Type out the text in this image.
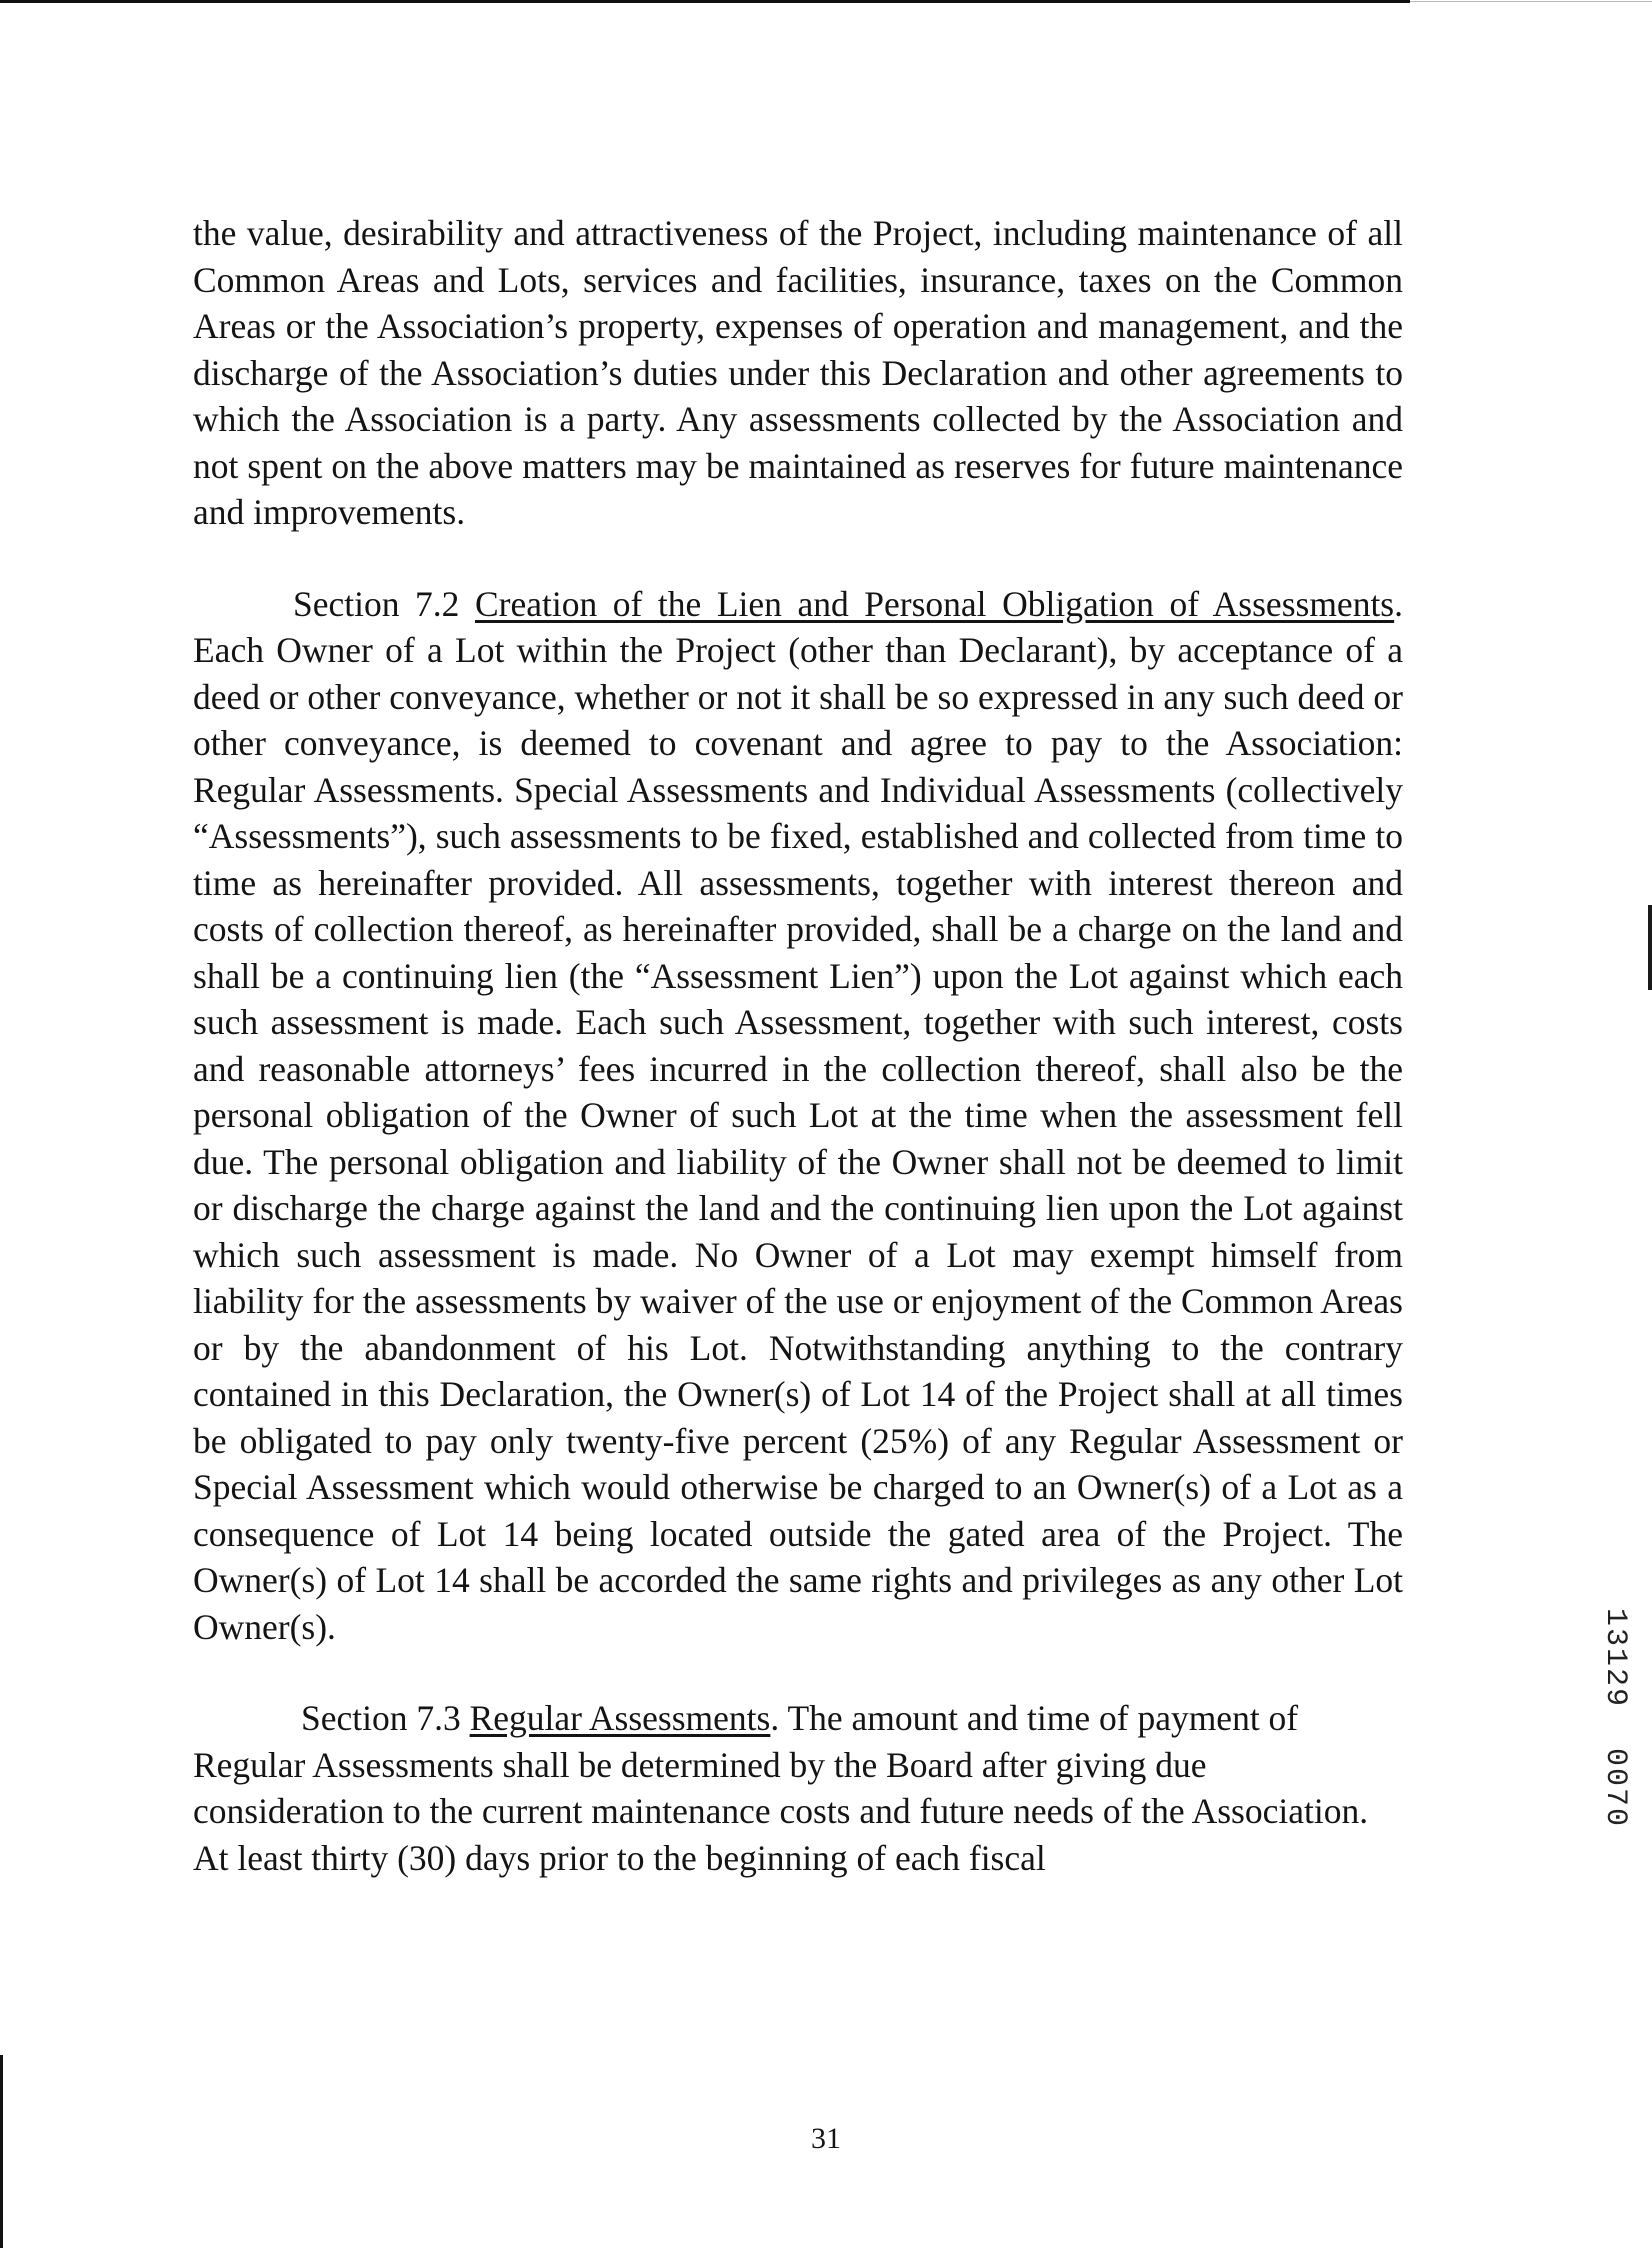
the value, desirability and attractiveness of the Project, including maintenance of all Common Areas and Lots, services and facilities, insurance, taxes on the Common Areas or the Association’s property, expenses of operation and management, and the discharge of the Association’s duties under this Declaration and other agreements to which the Association is a party. Any assessments collected by the Association and not spent on the above matters may be maintained as reserves for future maintenance and improvements.

Section 7.2 Creation of the Lien and Personal Obligation of Assessments. Each Owner of a Lot within the Project (other than Declarant), by acceptance of a deed or other conveyance, whether or not it shall be so expressed in any such deed or other conveyance, is deemed to covenant and agree to pay to the Association: Regular Assessments. Special Assessments and Individual Assessments (collectively “Assessments”), such assessments to be fixed, established and collected from time to time as hereinafter provided. All assessments, together with interest thereon and costs of collection thereof, as hereinafter provided, shall be a charge on the land and shall be a continuing lien (the “Assessment Lien”) upon the Lot against which each such assessment is made. Each such Assessment, together with such interest, costs and reasonable attorneys’ fees incurred in the collection thereof, shall also be the personal obligation of the Owner of such Lot at the time when the assessment fell due. The personal obligation and liability of the Owner shall not be deemed to limit or discharge the charge against the land and the continuing lien upon the Lot against which such assessment is made. No Owner of a Lot may exempt himself from liability for the assessments by waiver of the use or enjoyment of the Common Areas or by the abandonment of his Lot. Notwithstanding anything to the contrary contained in this Declaration, the Owner(s) of Lot 14 of the Project shall at all times be obligated to pay only twenty-five percent (25%) of any Regular Assessment or Special Assessment which would otherwise be charged to an Owner(s) of a Lot as a consequence of Lot 14 being located outside the gated area of the Project. The Owner(s) of Lot 14 shall be accorded the same rights and privileges as any other Lot Owner(s).

Section 7.3 Regular Assessments. The amount and time of payment of Regular Assessments shall be determined by the Board after giving due consideration to the current maintenance costs and future needs of the Association. At least thirty (30) days prior to the beginning of each fiscal

13129
0070
31
